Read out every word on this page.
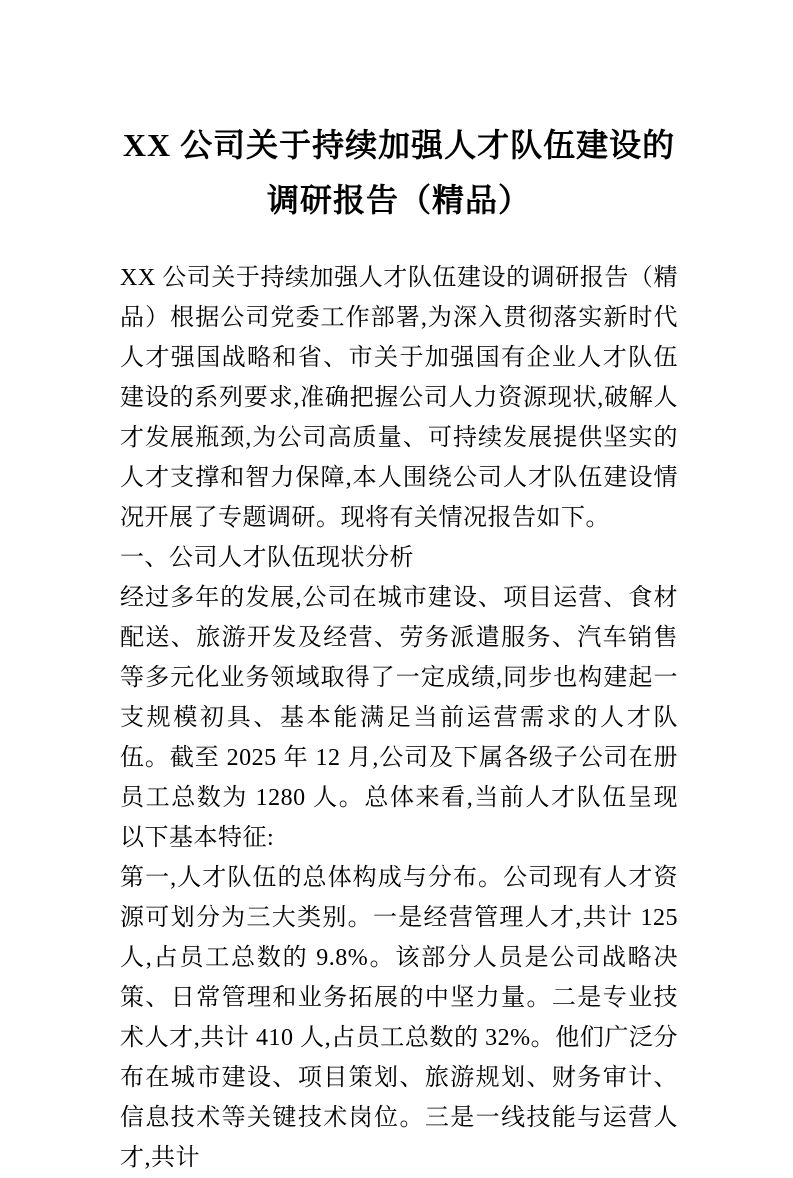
XX 公司关于持续加强人才队伍建设的调研报告（精品）

XX 公司关于持续加强人才队伍建设的调研报告（精品）根据公司党委工作部署,为深入贯彻落实新时代人才强国战略和省、市关于加强国有企业人才队伍建设的系列要求,准确把握公司人力资源现状,破解人才发展瓶颈,为公司高质量、可持续发展提供坚实的人才支撑和智力保障,本人围绕公司人才队伍建设情况开展了专题调研。现将有关情况报告如下。

一、公司人才队伍现状分析

经过多年的发展,公司在城市建设、项目运营、食材配送、旅游开发及经营、劳务派遣服务、汽车销售等多元化业务领域取得了一定成绩,同步也构建起一支规模初具、基本能满足当前运营需求的人才队伍。截至 2025 年 12 月,公司及下属各级子公司在册员工总数为 1280 人。总体来看,当前人才队伍呈现以下基本特征:

第一,人才队伍的总体构成与分布。公司现有人才资源可划分为三大类别。一是经营管理人才,共计 125 人,占员工总数的 9.8%。该部分人员是公司战略决策、日常管理和业务拓展的中坚力量。二是专业技术人才,共计 410 人,占员工总数的 32%。他们广泛分布在城市建设、项目策划、旅游规划、财务审计、信息技术等关键技术岗位。三是一线技能与运营人才,共计
